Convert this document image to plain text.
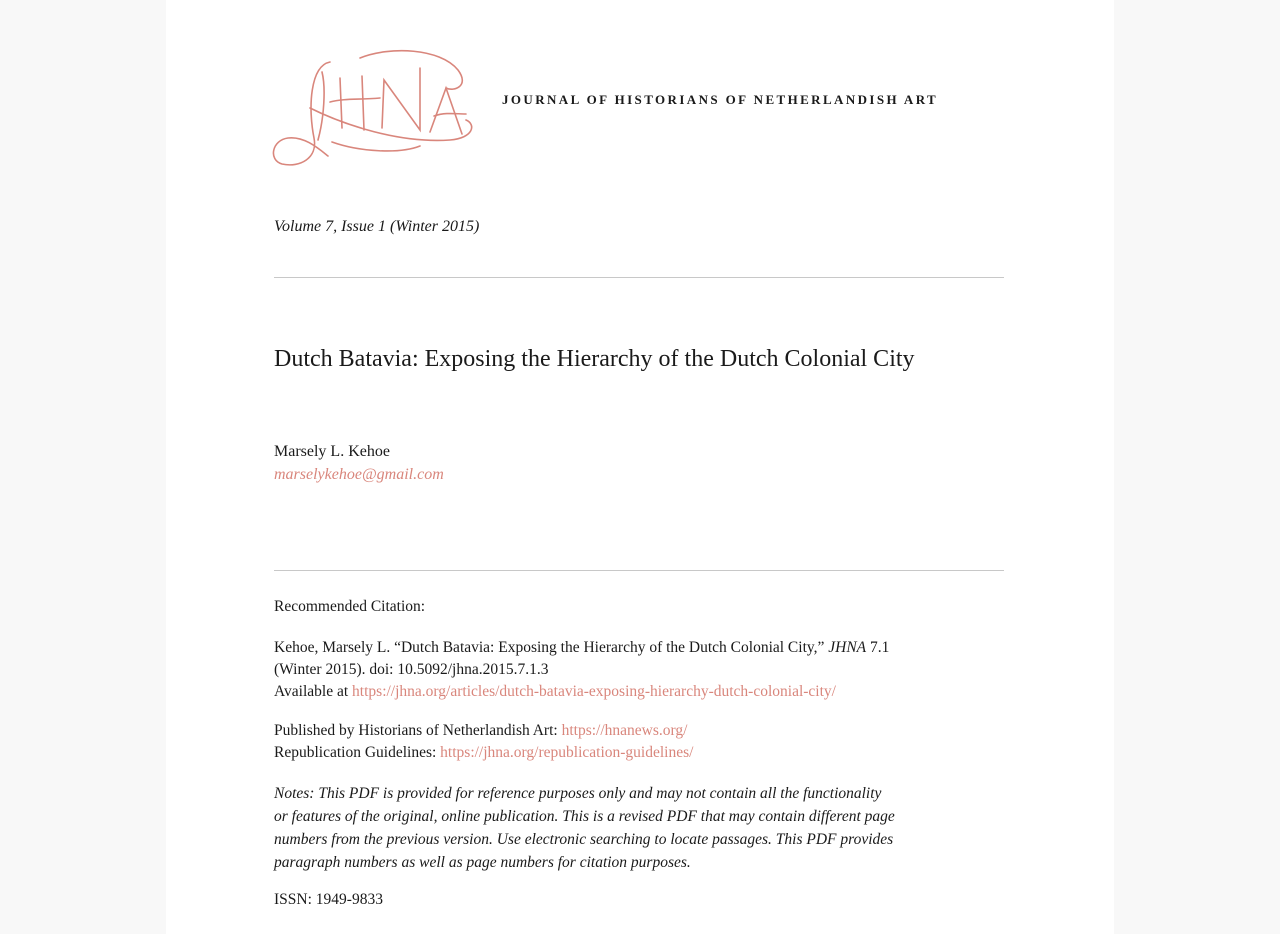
JOURNAL OF HISTORIANS OF NETHERLANDISH ART
Volume 7, Issue 1 (Winter 2015)
Dutch Batavia: Exposing the Hierarchy of the Dutch Colonial City
Marsely L. Kehoe
marselykehoe@gmail.com
Recommended Citation:
Kehoe, Marsely L. “Dutch Batavia: Exposing the Hierarchy of the Dutch Colonial City,” JHNA 7.1
(Winter 2015). doi: 10.5092/jhna.2015.7.1.3
Available at https://jhna.org/articles/dutch-batavia-exposing-hierarchy-dutch-colonial-city/
Published by Historians of Netherlandish Art: https://hnanews.org/
Republication Guidelines: https://jhna.org/republication-guidelines/
Notes: This PDF is provided for reference purposes only and may not contain all the functionality
or features of the original, online publication. This is a revised PDF that may contain different page
numbers from the previous version. Use electronic searching to locate passages. This PDF provides
paragraph numbers as well as page numbers for citation purposes.
ISSN: 1949-9833
